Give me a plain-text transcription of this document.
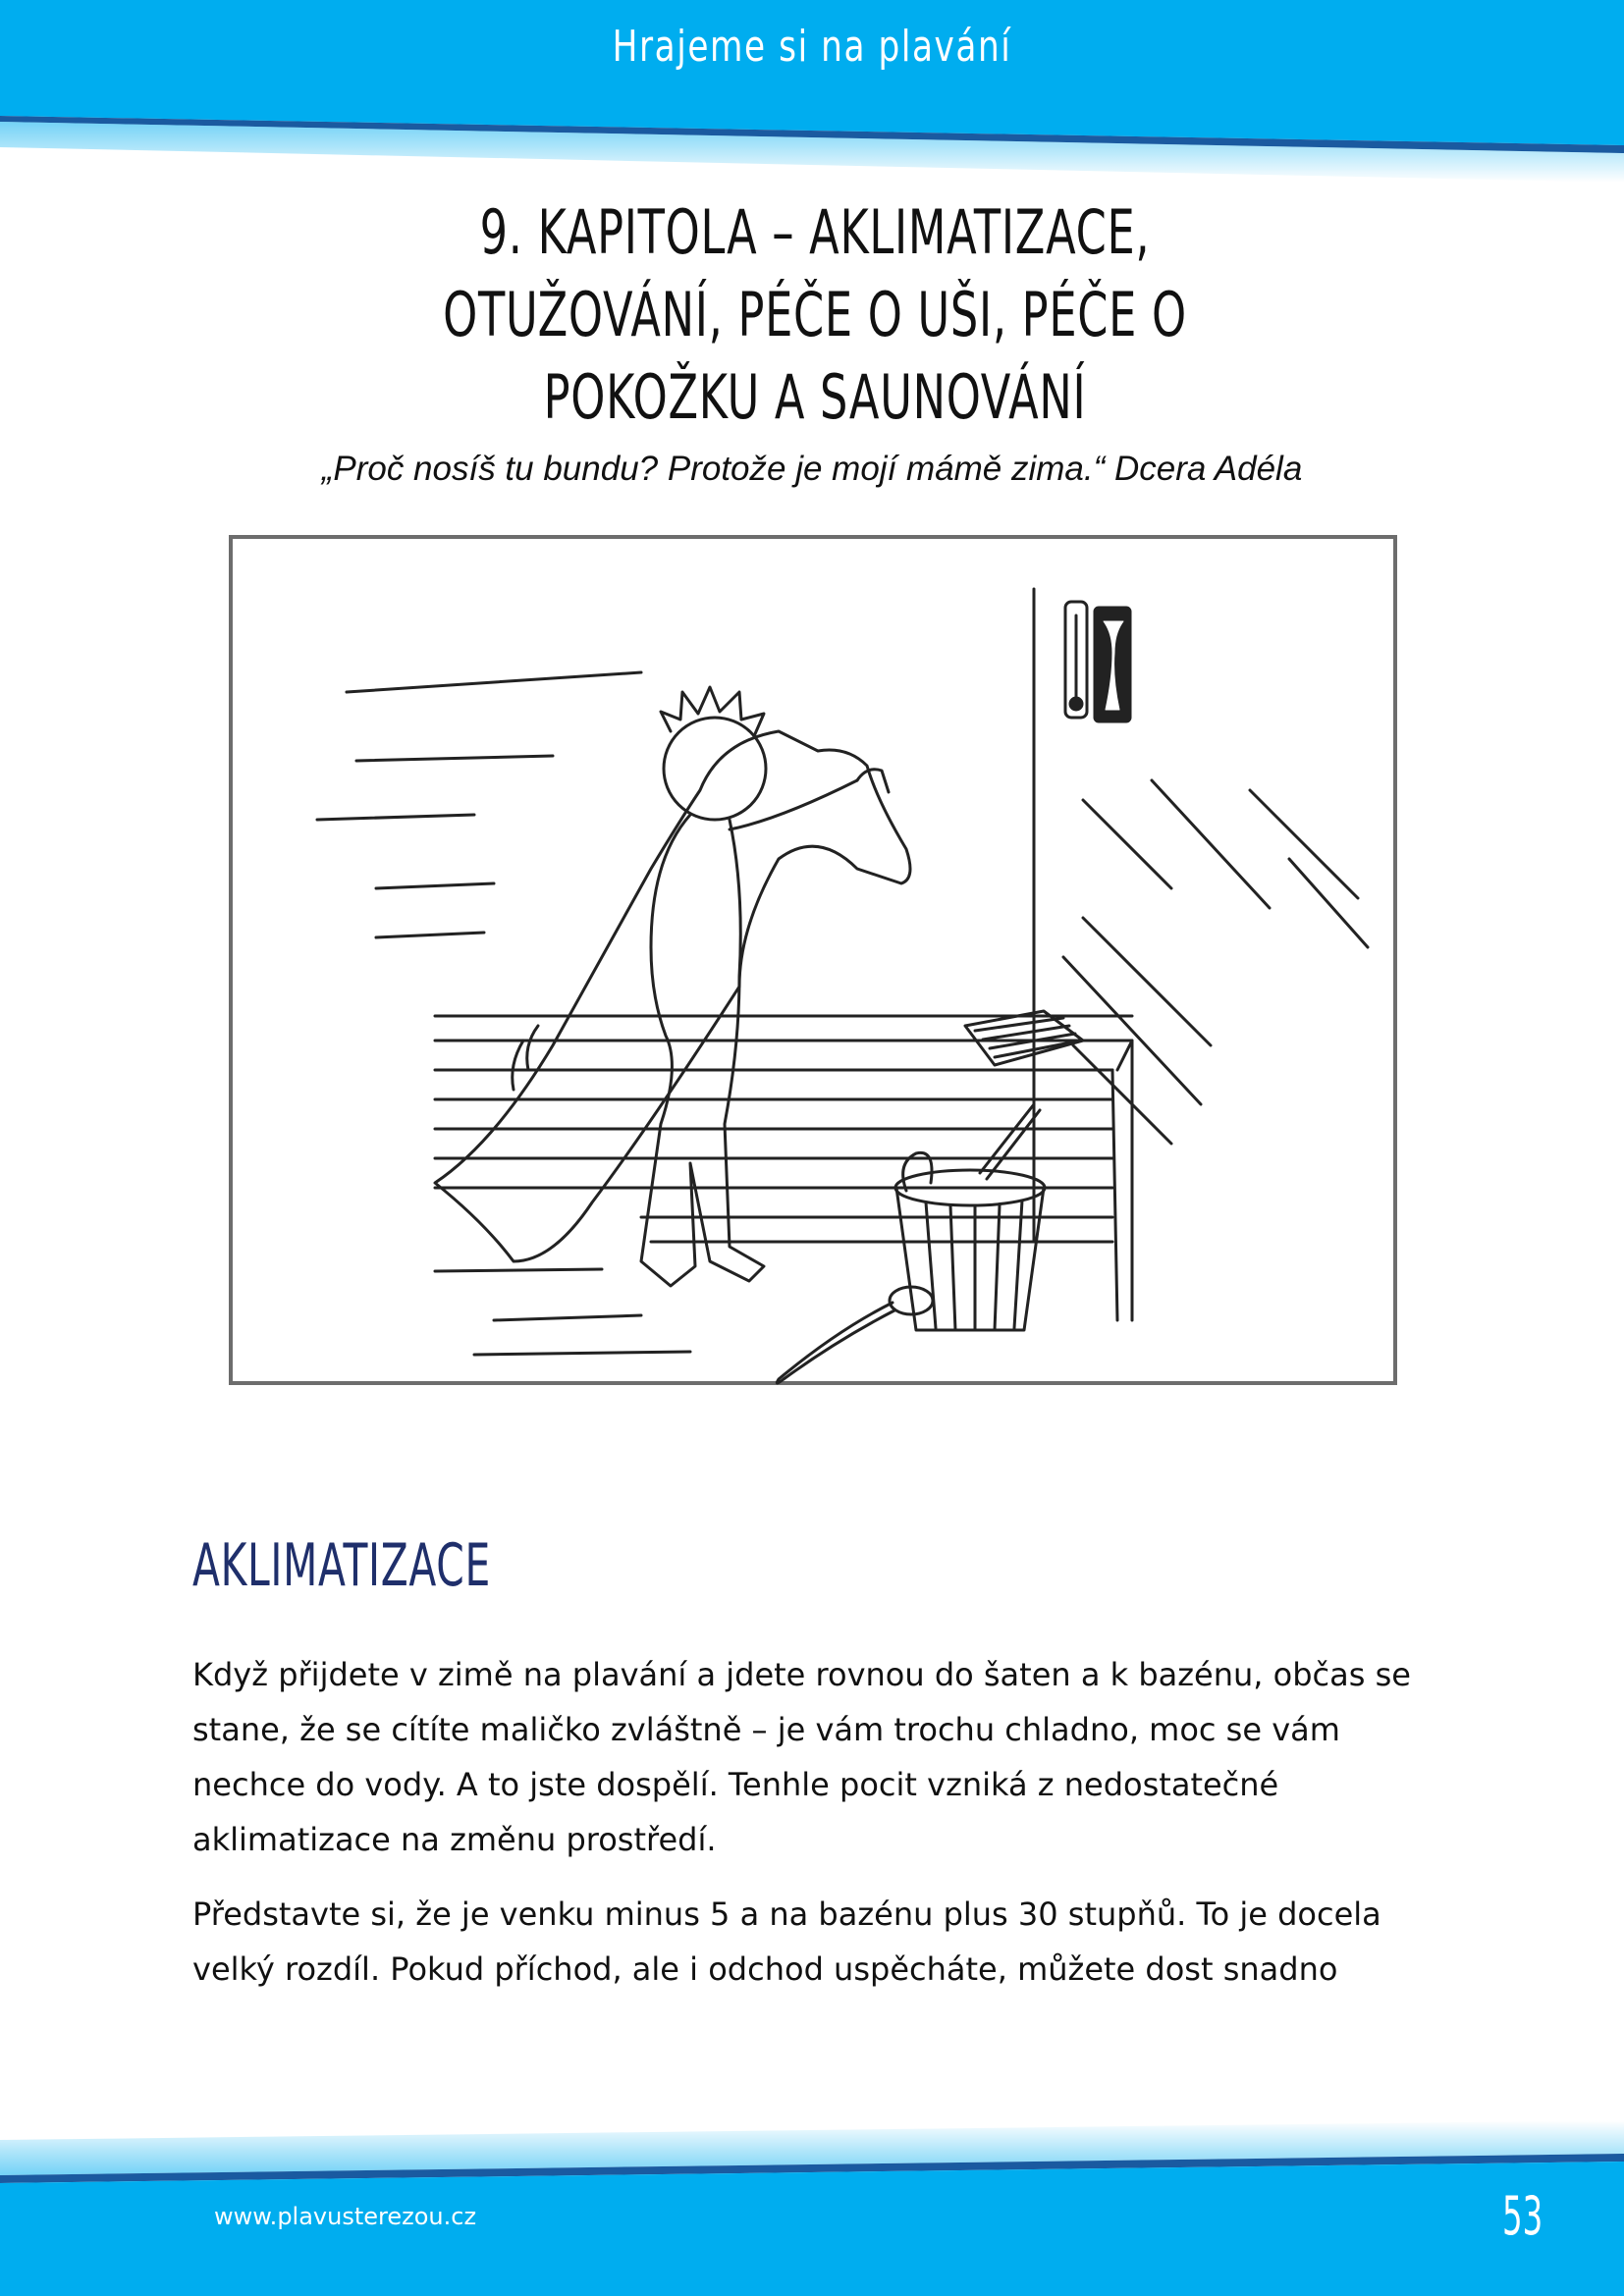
Hrajeme si na plavání
9. KAPITOLA – AKLIMATIZACE, OTUŽOVÁNÍ, PÉČE O UŠI, PÉČE O
POKOŽKU A SAUNOVÁNÍ
„Proč nosíš tu bundu? Protože je mojí mámě zima.“ Dcera Adéla
AKLIMATIZACE

Když přijdete v zimě na plavání a jdete rovnou do šaten a k bazénu, občas se stane, že se cítíte maličko zvláštně – je vám trochu chladno, moc se vám nechce do vody. A to jste dospělí. Tenhle pocit vzniká z nedostatečné aklimatizace na změnu prostředí.

Představte si, že je venku minus 5 a na bazénu plus 30 stupňů. To je docela velký rozdíl. Pokud příchod, ale i odchod uspěcháte, můžete dost snadno

www.plavusterezou.cz	53
